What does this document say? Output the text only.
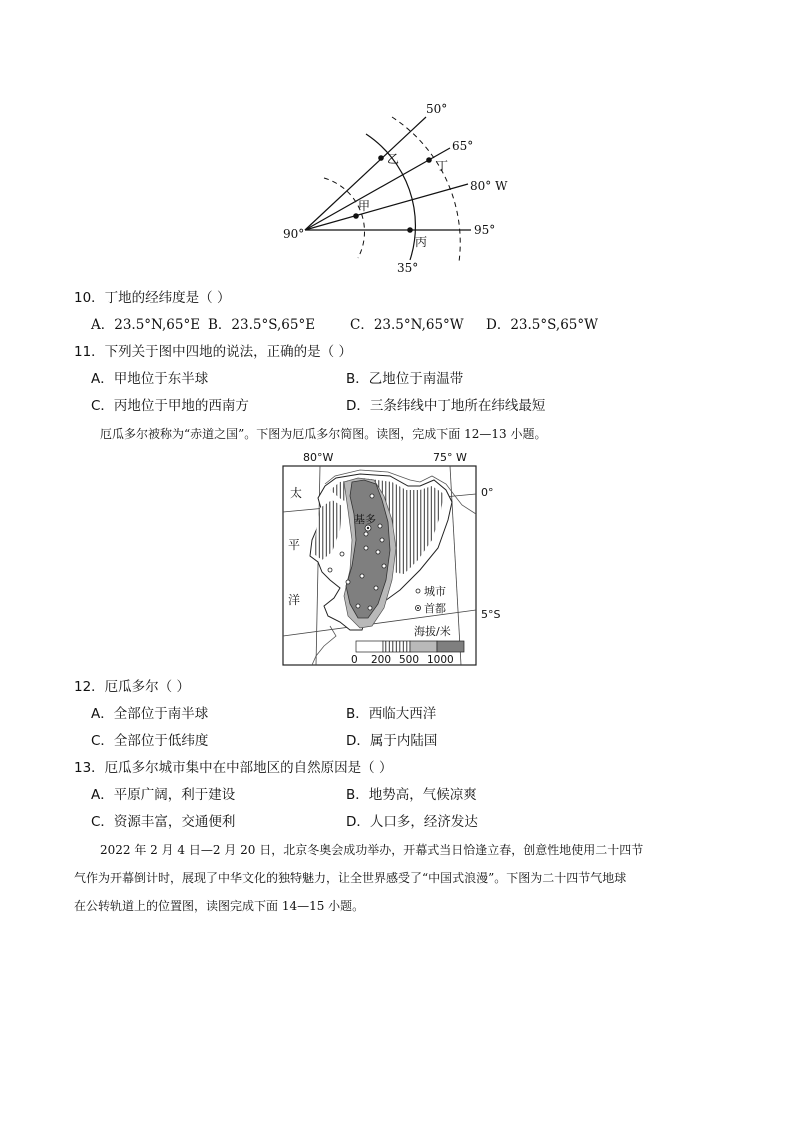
50°
65°
80° W
95°
90°
35°
乙	丁
甲
丙
10．丁地的经纬度是（ ）
A．23.5°N,65°E B．23.5°S,65°E	C．23.5°N,65°W D．23.5°S,65°W
11．下列关于图中四地的说法，正确的是（ ）
A．甲地位于东半球	B．乙地位于南温带
C．丙地位于甲地的西南方	D．三条纬线中丁地所在纬线最短
厄瓜多尔被称为“赤道之国”。下图为厄瓜多尔简图。读图，完成下面 12—13 小题。
基多
80°W	75° W
0°
5°S
太
平
洋
城市
首都
海拔/米
0 200 500 1000
12．厄瓜多尔（ ）
A．全部位于南半球	B．西临大西洋
C．全部位于低纬度	D．属于内陆国
13．厄瓜多尔城市集中在中部地区的自然原因是（ ）
A．平原广阔，利于建设	B．地势高，气候凉爽
C．资源丰富，交通便利	D．人口多，经济发达
2022 年 2 月 4 日—2 月 20 日，北京冬奥会成功举办，开幕式当日恰逢立春，创意性地使用二十四节
气作为开幕倒计时，展现了中华文化的独特魅力，让全世界感受了“中国式浪漫”。下图为二十四节气地球
在公转轨道上的位置图，读图完成下面 14—15 小题。
